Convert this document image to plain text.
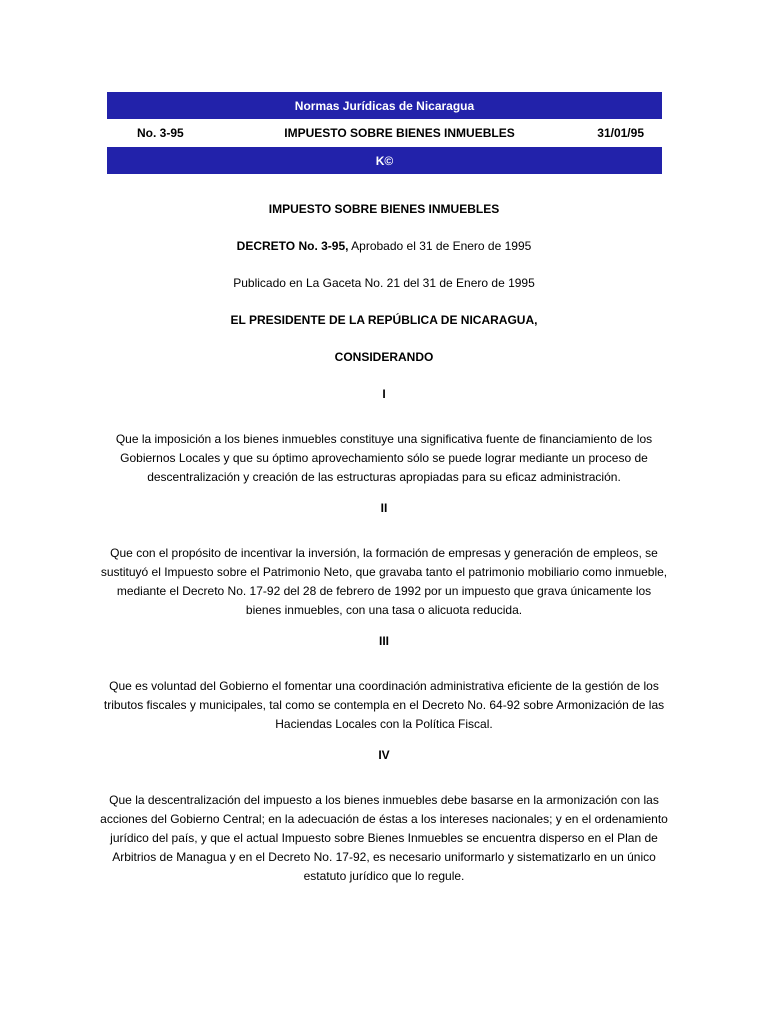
Normas Jurídicas de Nicaragua
No. 3-95	IMPUESTO SOBRE BIENES INMUEBLES	31/01/95
K©

IMPUESTO SOBRE BIENES INMUEBLES

DECRETO No. 3-95, Aprobado el 31 de Enero de 1995

Publicado en La Gaceta No. 21 del 31 de Enero de 1995

EL PRESIDENTE DE LA REPÚBLICA DE NICARAGUA,

CONSIDERANDO

I

Que la imposición a los bienes inmuebles constituye una significativa fuente de financiamiento de los Gobiernos Locales y que su óptimo aprovechamiento sólo se puede lograr mediante un proceso de descentralización y creación de las estructuras apropiadas para su eficaz administración.

II

Que con el propósito de incentivar la inversión, la formación de empresas y generación de empleos, se sustituyó el Impuesto sobre el Patrimonio Neto, que gravaba tanto el patrimonio mobiliario como inmueble, mediante el Decreto No. 17-92 del 28 de febrero de 1992 por un impuesto que grava únicamente los bienes inmuebles, con una tasa o alicuota reducida.

III

Que es voluntad del Gobierno el fomentar una coordinación administrativa eficiente de la gestión de los tributos fiscales y municipales, tal como se contempla en el Decreto No. 64-92 sobre Armonización de las Haciendas Locales con la Política Fiscal.

IV

Que la descentralización del impuesto a los bienes inmuebles debe basarse en la armonización con las acciones del Gobierno Central; en la adecuación de éstas a los intereses nacionales; y en el ordenamiento jurídico del país, y que el actual Impuesto sobre Bienes Inmuebles se encuentra disperso en el Plan de Arbitrios de Managua y en el Decreto No. 17-92, es necesario uniformarlo y sistematizarlo en un único estatuto jurídico que lo regule.
